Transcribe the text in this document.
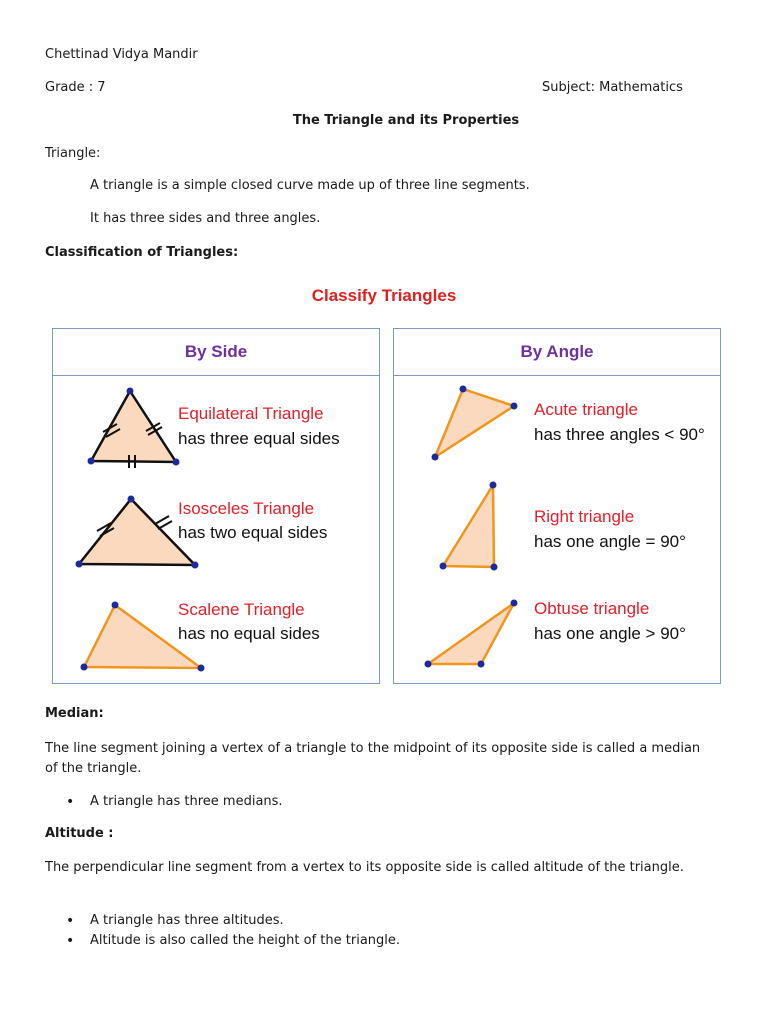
Chettinad Vidya Mandir
Grade : 7	Subject: Mathematics
The Triangle and its Properties
Triangle:
A triangle is a simple closed curve made up of three line segments.
It has three sides and three angles.
Classification of Triangles:
Classify Triangles
By Side	By Angle
Equilateral Triangle
has three equal sides
Isosceles Triangle
has two equal sides
Scalene Triangle
has no equal sides
Acute triangle
has three angles < 90°
Right triangle
has one angle = 90°
Obtuse triangle
has one angle > 90°
Median:
The line segment joining a vertex of a triangle to the midpoint of its opposite side is called a median of the triangle.
• A triangle has three medians.
Altitude :
The perpendicular line segment from a vertex to its opposite side is called altitude of the triangle.
• A triangle has three altitudes.
• Altitude is also called the height of the triangle.
